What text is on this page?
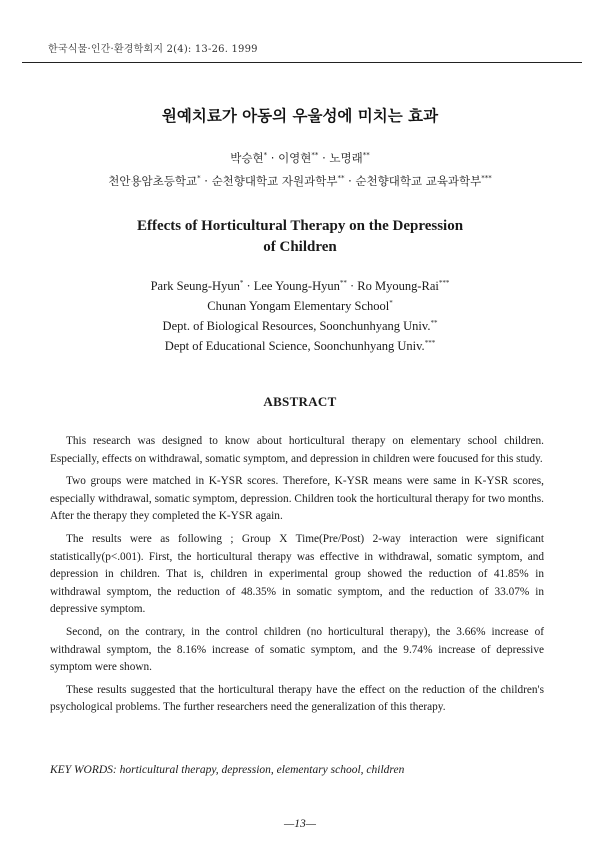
한국식물·인간·환경학회지 2(4): 13-26. 1999
원예치료가 아동의 우울성에 미치는 효과
박승현* · 이영현** · 노명래**
천안용암초등학교* · 순천향대학교 자원과학부** · 순천향대학교 교육과학부***
Effects of Horticultural Therapy on the Depression
of Children
Park Seung-Hyun* · Lee Young-Hyun** · Ro Myoung-Rai***
Chunan Yongam Elementary School*
Dept. of Biological Resources, Soonchunhyang Univ.**
Dept of Educational Science, Soonchunhyang Univ.***
ABSTRACT

This research was designed to know about horticultural therapy on elementary school children. Especially, effects on withdrawal, somatic symptom, and depression in children were foucused for this study.

Two groups were matched in K-YSR scores. Therefore, K-YSR means were same in K-YSR scores, especially withdrawal, somatic symptom, depression. Children took the horticultural therapy for two months. After the therapy they completed the K-YSR again.

The results were as following ; Group X Time(Pre/Post) 2-way interaction were significant statistically(p<.001). First, the horticultural therapy was effective in withdrawal, somatic symptom, and depression in children. That is, children in experimental group showed the reduction of 41.85% in withdrawal symptom, the reduction of 48.35% in somatic symptom, and the reduction of 33.07% in depressive symptom.

Second, on the contrary, in the control children (no horticultural therapy), the 3.66% increase of withdrawal symptom, the 8.16% increase of somatic symptom, and the 9.74% increase of depressive symptom were shown.

These results suggested that the horticultural therapy have the effect on the reduction of the children's psychological problems. The further researchers need the generalization of this therapy.

KEY WORDS: horticultural therapy, depression, elementary school, children
—13—
